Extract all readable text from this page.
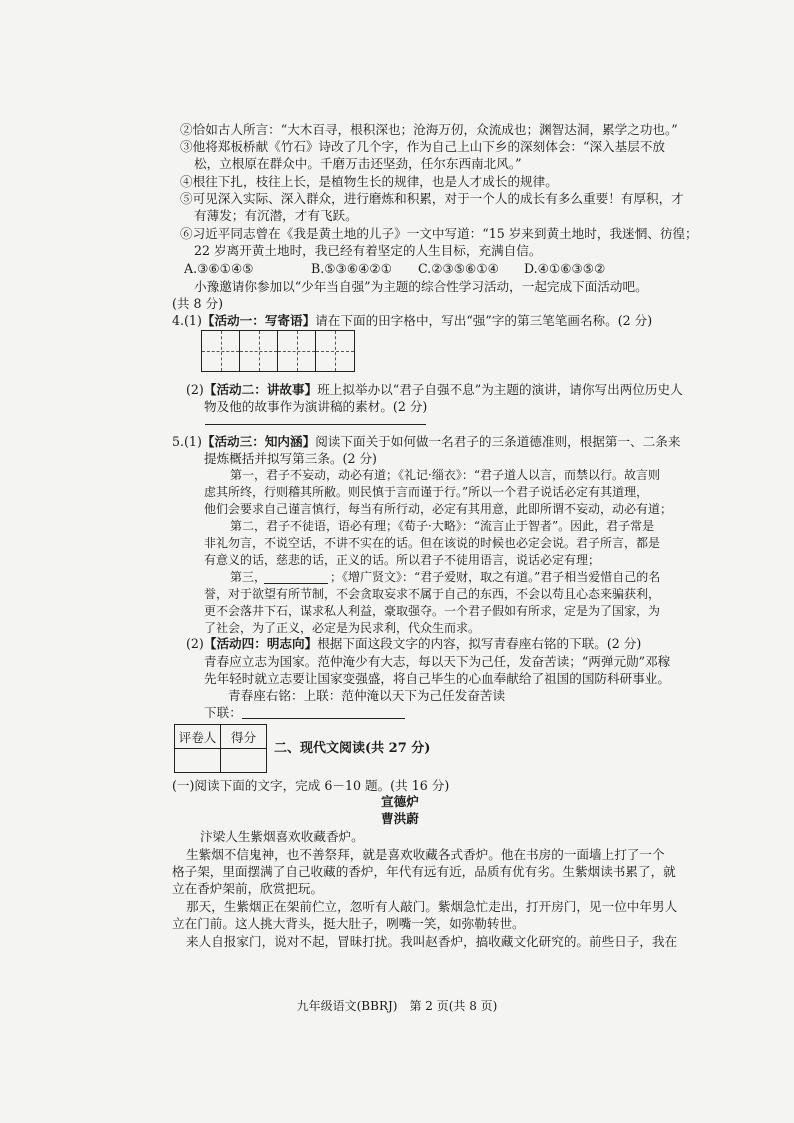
②恰如古人所言：“大木百寻，根积深也；沧海万仞，众流成也；渊智达洞，累学之功也。”
③他将郑板桥献《竹石》诗改了几个字，作为自己上山下乡的深刻体会：“深入基层不放
松，立根原在群众中。千磨万击还坚劲，任尔东西南北风。”
④根往下扎，枝往上长，是植物生长的规律，也是人才成长的规律。
⑤可见深入实际、深入群众，进行磨炼和积累，对于一个人的成长有多么重要！有厚积，才
有薄发；有沉潜，才有飞跃。
⑥习近平同志曾在《我是黄土地的儿子》一文中写道：“15 岁来到黄土地时，我迷惘、彷徨；
22 岁离开黄土地时，我已经有着坚定的人生目标，充满自信。
A.③⑥①④⑤	B.⑤③⑥④②① C.②③⑤⑥①④ D.④①⑥③⑤②
小豫邀请你参加以“少年当自强”为主题的综合性学习活动，一起完成下面活动吧。
(共 8 分)
4.(1)【活动一：写寄语】请在下面的田字格中，写出“强”字的第三笔笔画名称。(2 分)
(2)【活动二：讲故事】班上拟举办以“君子自强不息”为主题的演讲，请你写出两位历史人
物及他的故事作为演讲稿的素材。(2 分)
5.(1)【活动三：知内涵】阅读下面关于如何做一名君子的三条道德准则，根据第一、二条来
提炼概括并拟写第三条。(2 分)
第一，君子不妄动，动必有道；《礼记·缁衣》：“君子道人以言，而禁以行。故言则
虑其所终，行则稽其所敝。则民慎于言而谨于行。”所以一个君子说话必定有其道理，
他们会要求自己谨言慎行，每当有所行动，必定有其用意，此即所谓不妄动，动必有道；
第二，君子不徒语，语必有理；《荀子·大略》：“流言止于智者”。因此，君子常是
非礼勿言，不说空话，不讲不实在的话。但在该说的时候也必定会说。君子所言，都是
有意义的话，慈悲的话，正义的话。所以君子不徒用语言，说话必定有理；
第三，	；《增广贤文》：“君子爱财，取之有道。”君子相当爱惜自己的名
誉，对于欲望有所节制，不会贪取妄求不属于自己的东西，不会以苟且心态来骗获利，
更不会落井下石，谋求私人利益，豪取强夺。一个君子假如有所求，定是为了国家，为
了社会，为了正义，必定是为民求利，代众生而求。
(2)【活动四：明志向】根据下面这段文字的内容，拟写青春座右铭的下联。(2 分)
青春应立志为国家。范仲淹少有大志，每以天下为己任，发奋苦读；“两弹元勋”邓稼
先年轻时就立志要让国家变强盛，将自己毕生的心血奉献给了祖国的国防科研事业。
青春座右铭：上联：范仲淹以天下为己任发奋苦读
下联：
评卷人	得分

二、现代文阅读(共 27 分)
(一)阅读下面的文字，完成 6－10 题。(共 16 分)
宣德炉
曹洪蔚
汴梁人生紫烟喜欢收藏香炉。
生紫烟不信鬼神，也不善祭拜，就是喜欢收藏各式香炉。他在书房的一面墙上打了一个
格子架，里面摆满了自己收藏的香炉，年代有远有近，品质有优有劣。生紫烟读书累了，就
立在香炉架前，欣赏把玩。
那天，生紫烟正在架前伫立，忽听有人敲门。紫烟急忙走出，打开房门，见一位中年男人
立在门前。这人挑大背头，挺大肚子，咧嘴一笑，如弥勒转世。
来人自报家门，说对不起，冒昧打扰。我叫赵香炉，搞收藏文化研究的。前些日子，我在
九年级语文(BBRJ)　第 2 页(共 8 页)
